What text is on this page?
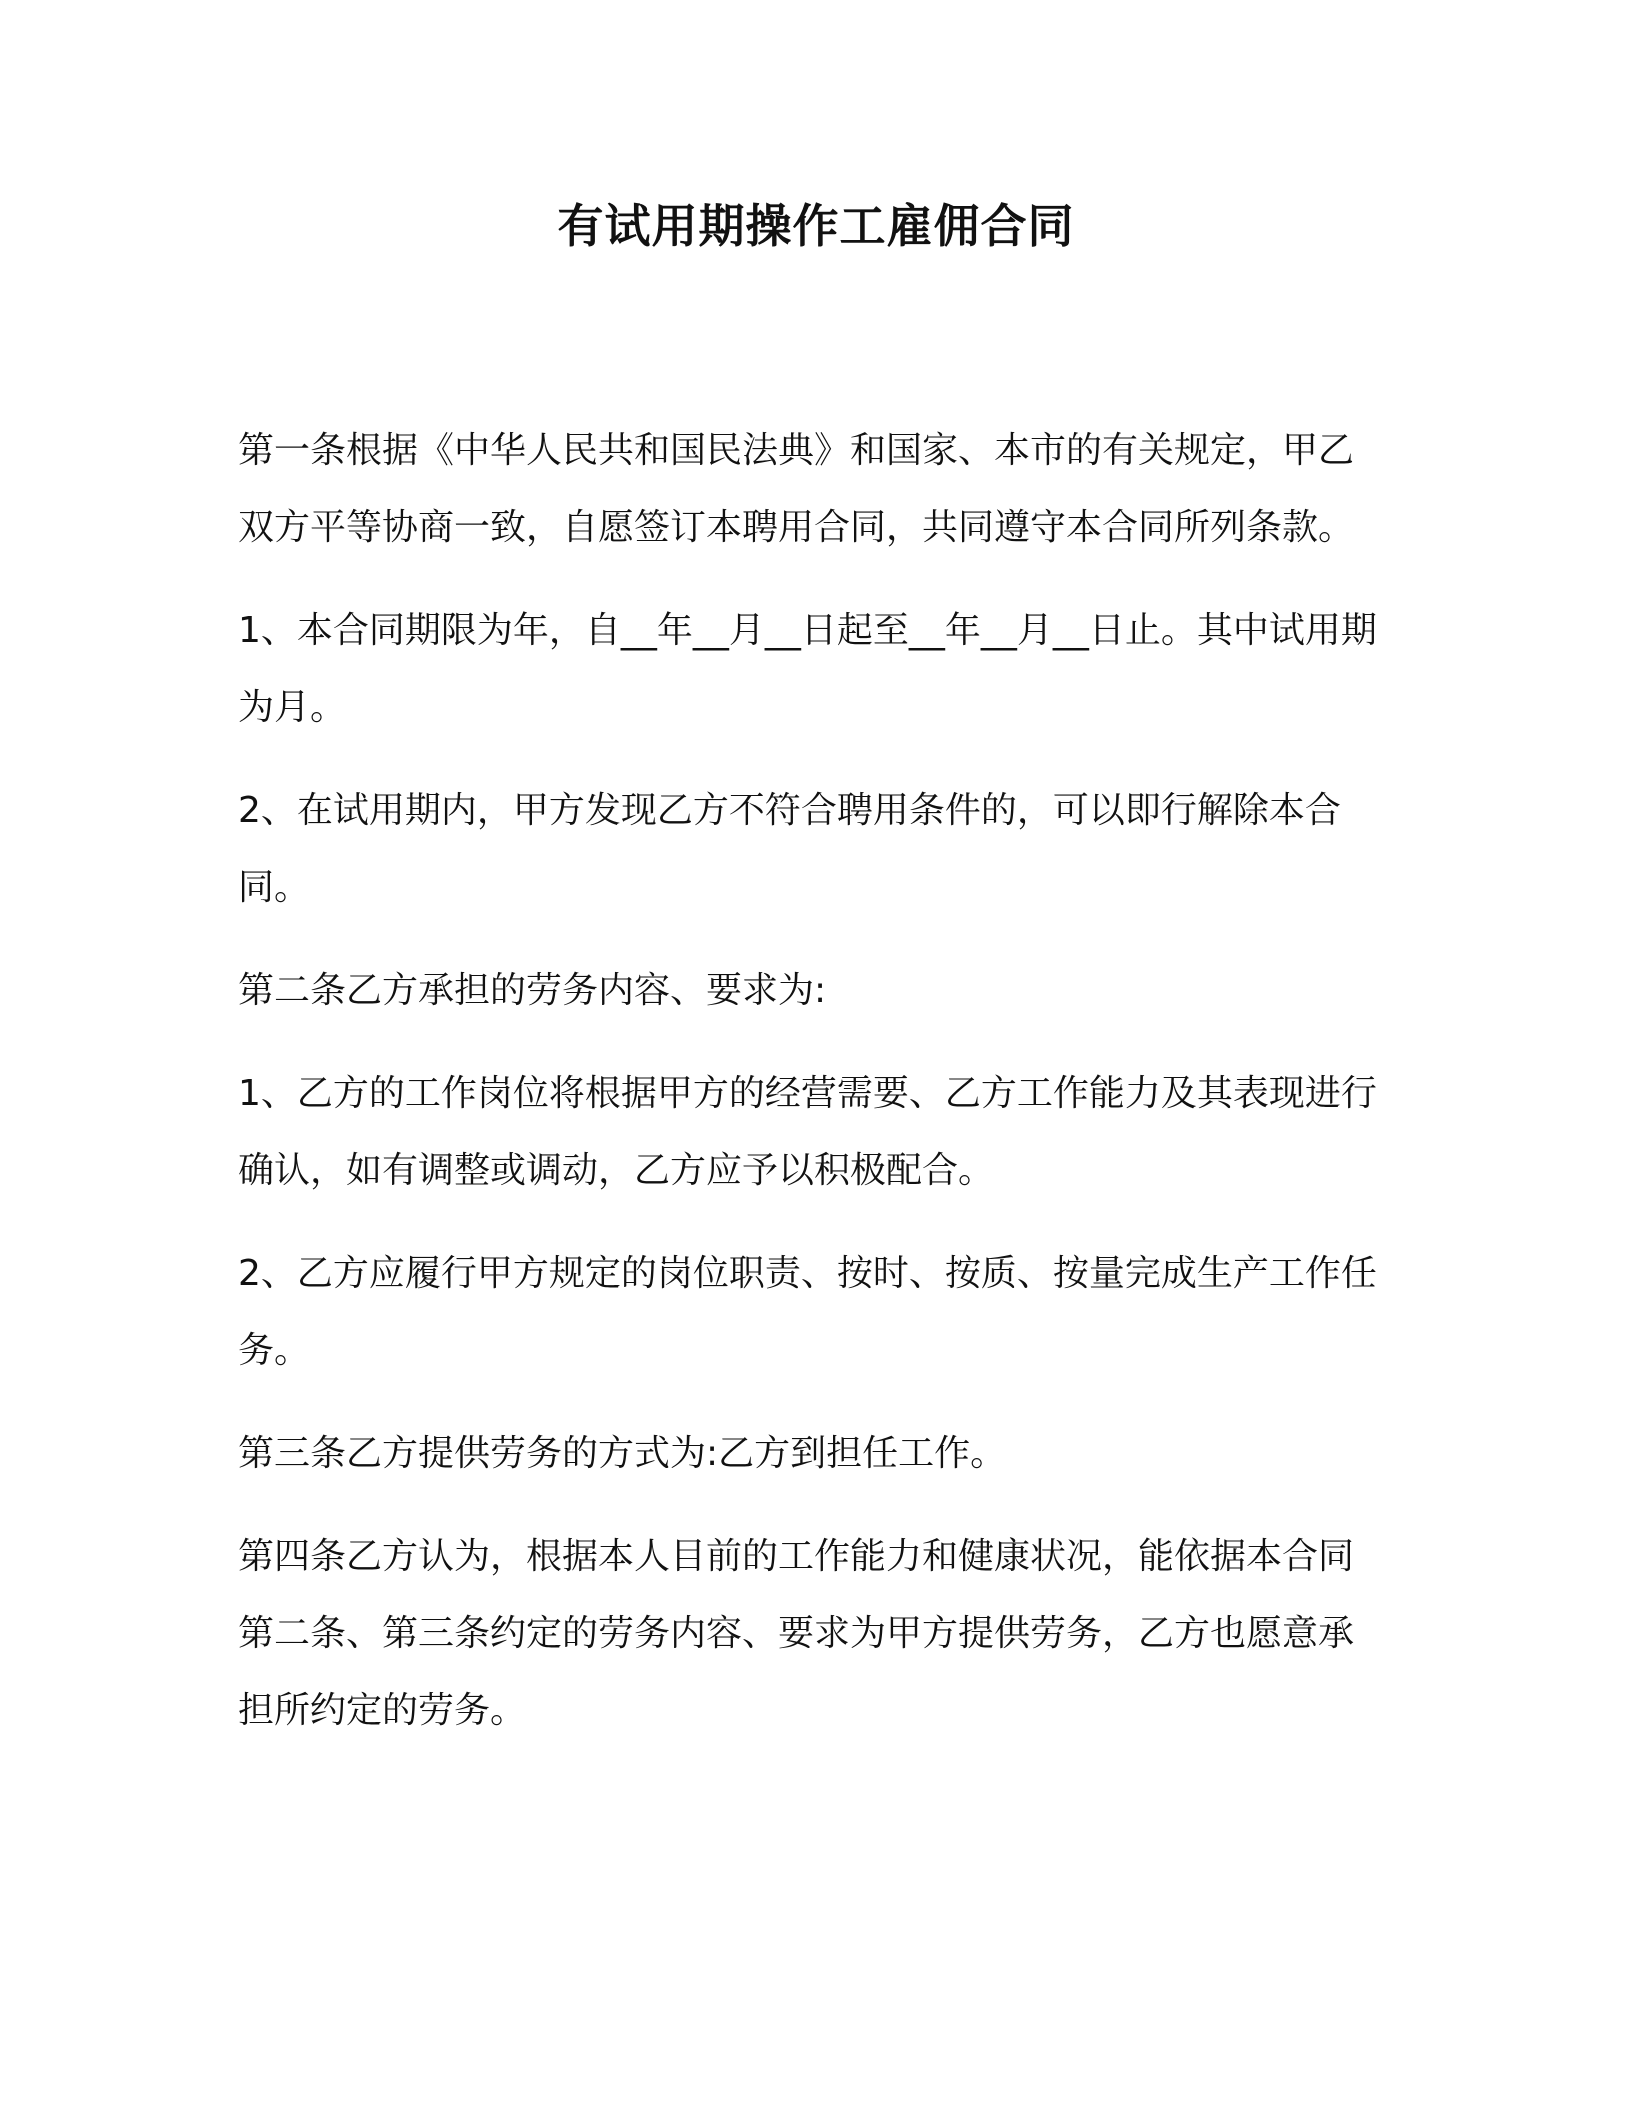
有试用期操作工雇佣合同

第一条根据《中华人民共和国民法典》和国家、本市的有关规定，甲乙双方平等协商一致，自愿签订本聘用合同，共同遵守本合同所列条款。

1、本合同期限为年，自__年__月__日起至__年__月__日止。其中试用期为月。

2、在试用期内，甲方发现乙方不符合聘用条件的，可以即行解除本合同。

第二条乙方承担的劳务内容、要求为:

1、乙方的工作岗位将根据甲方的经营需要、乙方工作能力及其表现进行确认，如有调整或调动，乙方应予以积极配合。

2、乙方应履行甲方规定的岗位职责、按时、按质、按量完成生产工作任务。

第三条乙方提供劳务的方式为:乙方到担任工作。

第四条乙方认为，根据本人目前的工作能力和健康状况，能依据本合同第二条、第三条约定的劳务内容、要求为甲方提供劳务，乙方也愿意承担所约定的劳务。
